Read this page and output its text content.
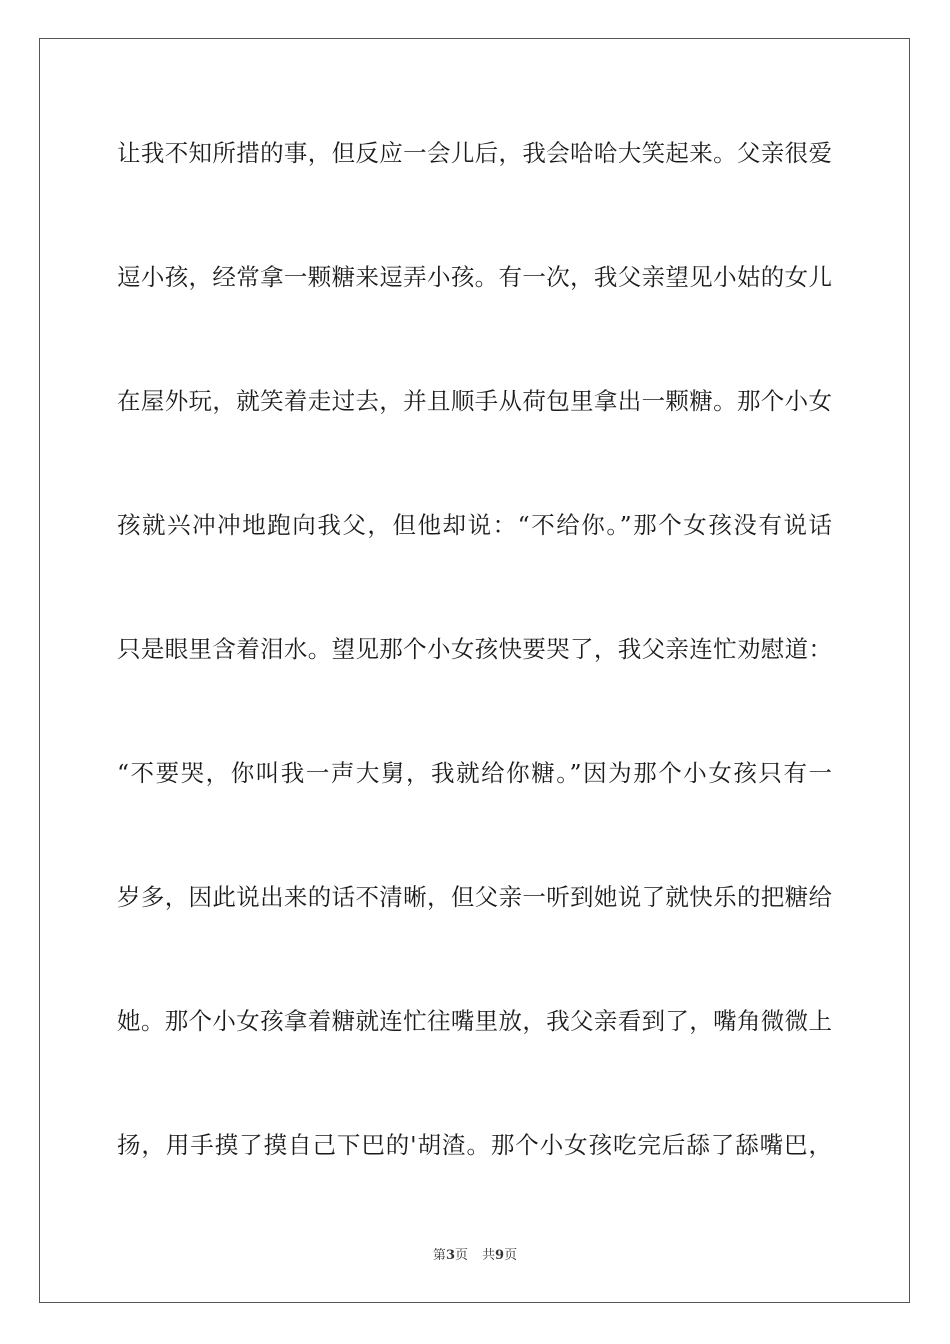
让我不知所措的事，但反应一会儿后，我会哈哈大笑起来。父亲很爱
逗小孩，经常拿一颗糖来逗弄小孩。有一次，我父亲望见小姑的女儿
在屋外玩，就笑着走过去，并且顺手从荷包里拿出一颗糖。那个小女
孩就兴冲冲地跑向我父，但他却说：“不给你。”那个女孩没有说话
只是眼里含着泪水。望见那个小女孩快要哭了，我父亲连忙劝慰道：
“不要哭，你叫我一声大舅，我就给你糖。”因为那个小女孩只有一
岁多，因此说出来的话不清晰，但父亲一听到她说了就快乐的把糖给
她。那个小女孩拿着糖就连忙往嘴里放，我父亲看到了，嘴角微微上
扬，用手摸了摸自己下巴的'胡渣。那个小女孩吃完后舔了舔嘴巴，
第3页 共9页
